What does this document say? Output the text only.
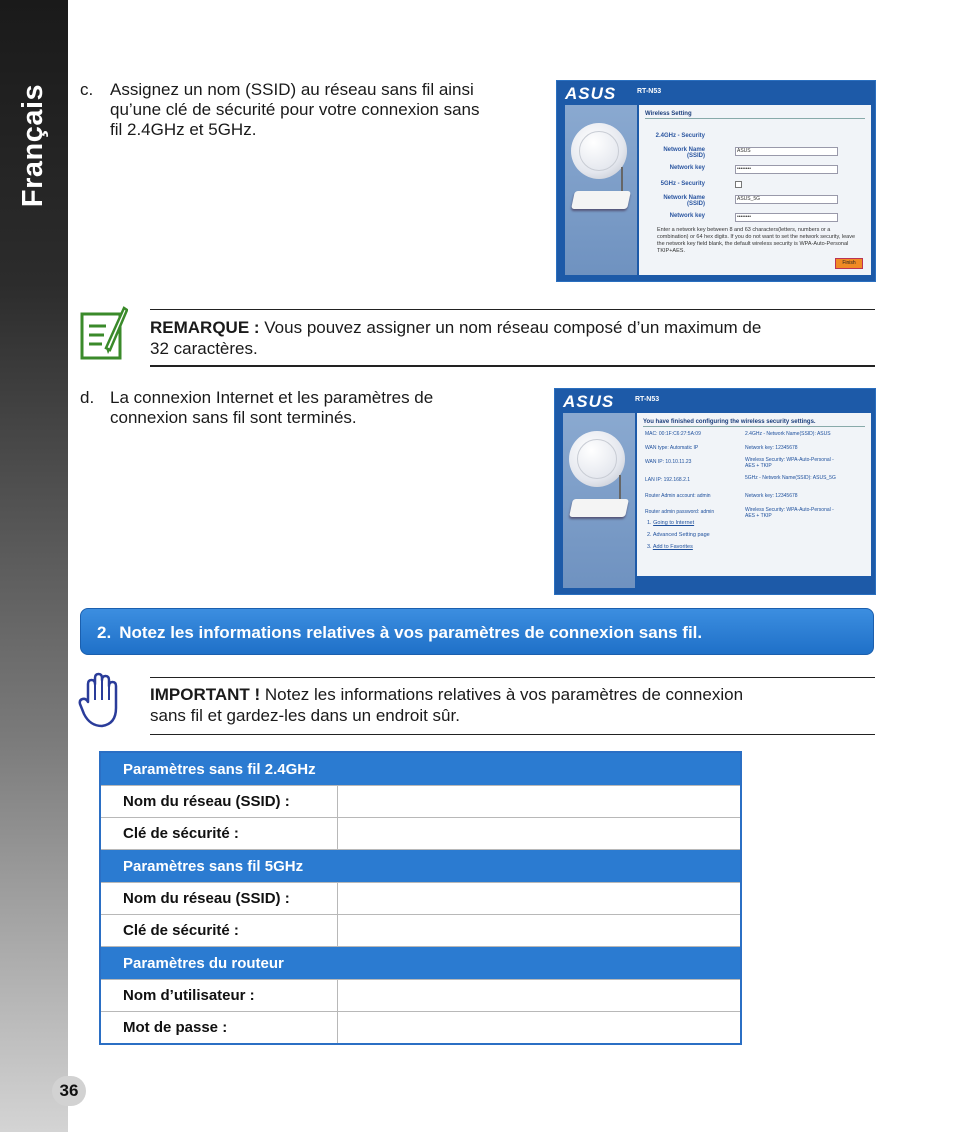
Français
36
c. Assignez un nom (SSID) au réseau sans fil ainsi
qu’une clé de sécurité pour votre connexion sans
fil 2.4GHz et 5GHz.
ASUS	RT-N53
Wireless Setting
2.4GHz - Security
Network Name (SSID)
ASUS
Network key	••••••••
5GHz - Security
Network Name (SSID)
ASUS_5G
Network key	••••••••
Enter a network key between 8 and 63 characters(letters, numbers or a combination) or 64 hex digits. If you do not want to set the network security, leave the network key field blank, the default wireless security is WPA-Auto-Personal TKIP+AES.
Finish
REMARQUE : Vous pouvez assigner un nom réseau composé d’un maximum de
32 caractères.
d. La connexion Internet et les paramètres de
connexion sans fil sont terminés.
ASUS	RT-N53
You have finished configuring the wireless security settings.
MAC: 00:1F:C6:27:5A:09
WAN type: Automatic IP
WAN IP: 10.10.11.23
LAN IP: 192.168.2.1
Router Admin account: admin
Router admin password: admin
2.4GHz - Network Name(SSID): ASUS
Network key: 12345678
Wireless Security: WPA-Auto-Personal - AES + TKIP
5GHz - Network Name(SSID): ASUS_5G
Network key: 12345678
Wireless Security: WPA-Auto-Personal - AES + TKIP
1. Going to Internet
2. Advanced Setting page
3. Add to Favorites
2. Notez les informations relatives à vos paramètres de connexion sans fil.
IMPORTANT ! Notez les informations relatives à vos paramètres de connexion
sans fil et gardez-les dans un endroit sûr.
Paramètres sans fil 2.4GHz	
Nom du réseau (SSID) :	
Clé de sécurité :	
Paramètres sans fil 5GHz	
Nom du réseau (SSID) :	
Clé de sécurité :	
Paramètres du routeur	
Nom d’utilisateur :	
Mot de passe :	
